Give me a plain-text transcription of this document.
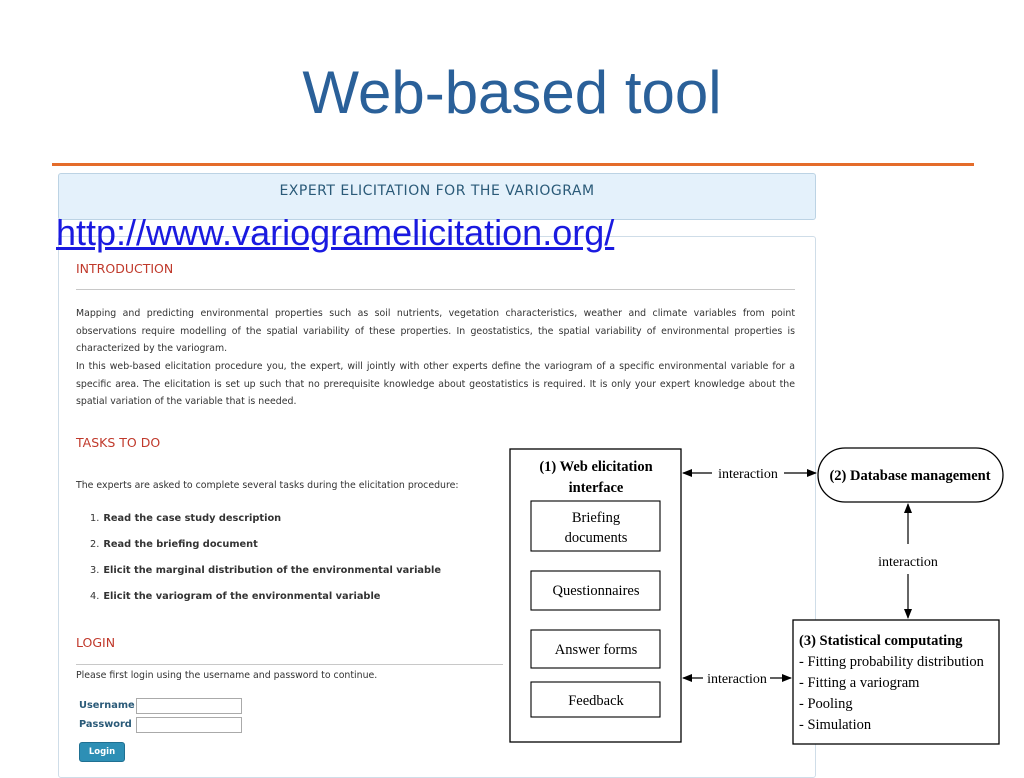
Web-based tool
EXPERT ELICITATION FOR THE VARIOGRAM
INTRODUCTION
Mapping and predicting environmental properties such as soil nutrients, vegetation characteristics, weather and climate variables from point observations require modelling of the spatial variability of these properties. In geostatistics, the spatial variability of environmental properties is characterized by the variogram.
In this web-based elicitation procedure you, the expert, will jointly with other experts define the variogram of a specific environmental variable for a specific area. The elicitation is set up such that no prerequisite knowledge about geostatistics is required. It is only your expert knowledge about the spatial variation of the variable that is needed.
TASKS TO DO
The experts are asked to complete several tasks during the elicitation procedure:
1. Read the case study description
2. Read the briefing document
3. Elicit the marginal distribution of the environmental variable
4. Elicit the variogram of the environmental variable
LOGIN
Please first login using the username and password to continue.
Username
Password
Login
http://www.variogramelicitation.org/
(1) Web elicitation
interface
Briefing
documents
Questionnaires
Answer forms
Feedback
(2) Database management
(3) Statistical computating
- Fitting probability distribution
- Fitting a variogram
- Pooling
- Simulation
interaction
interaction
interaction
